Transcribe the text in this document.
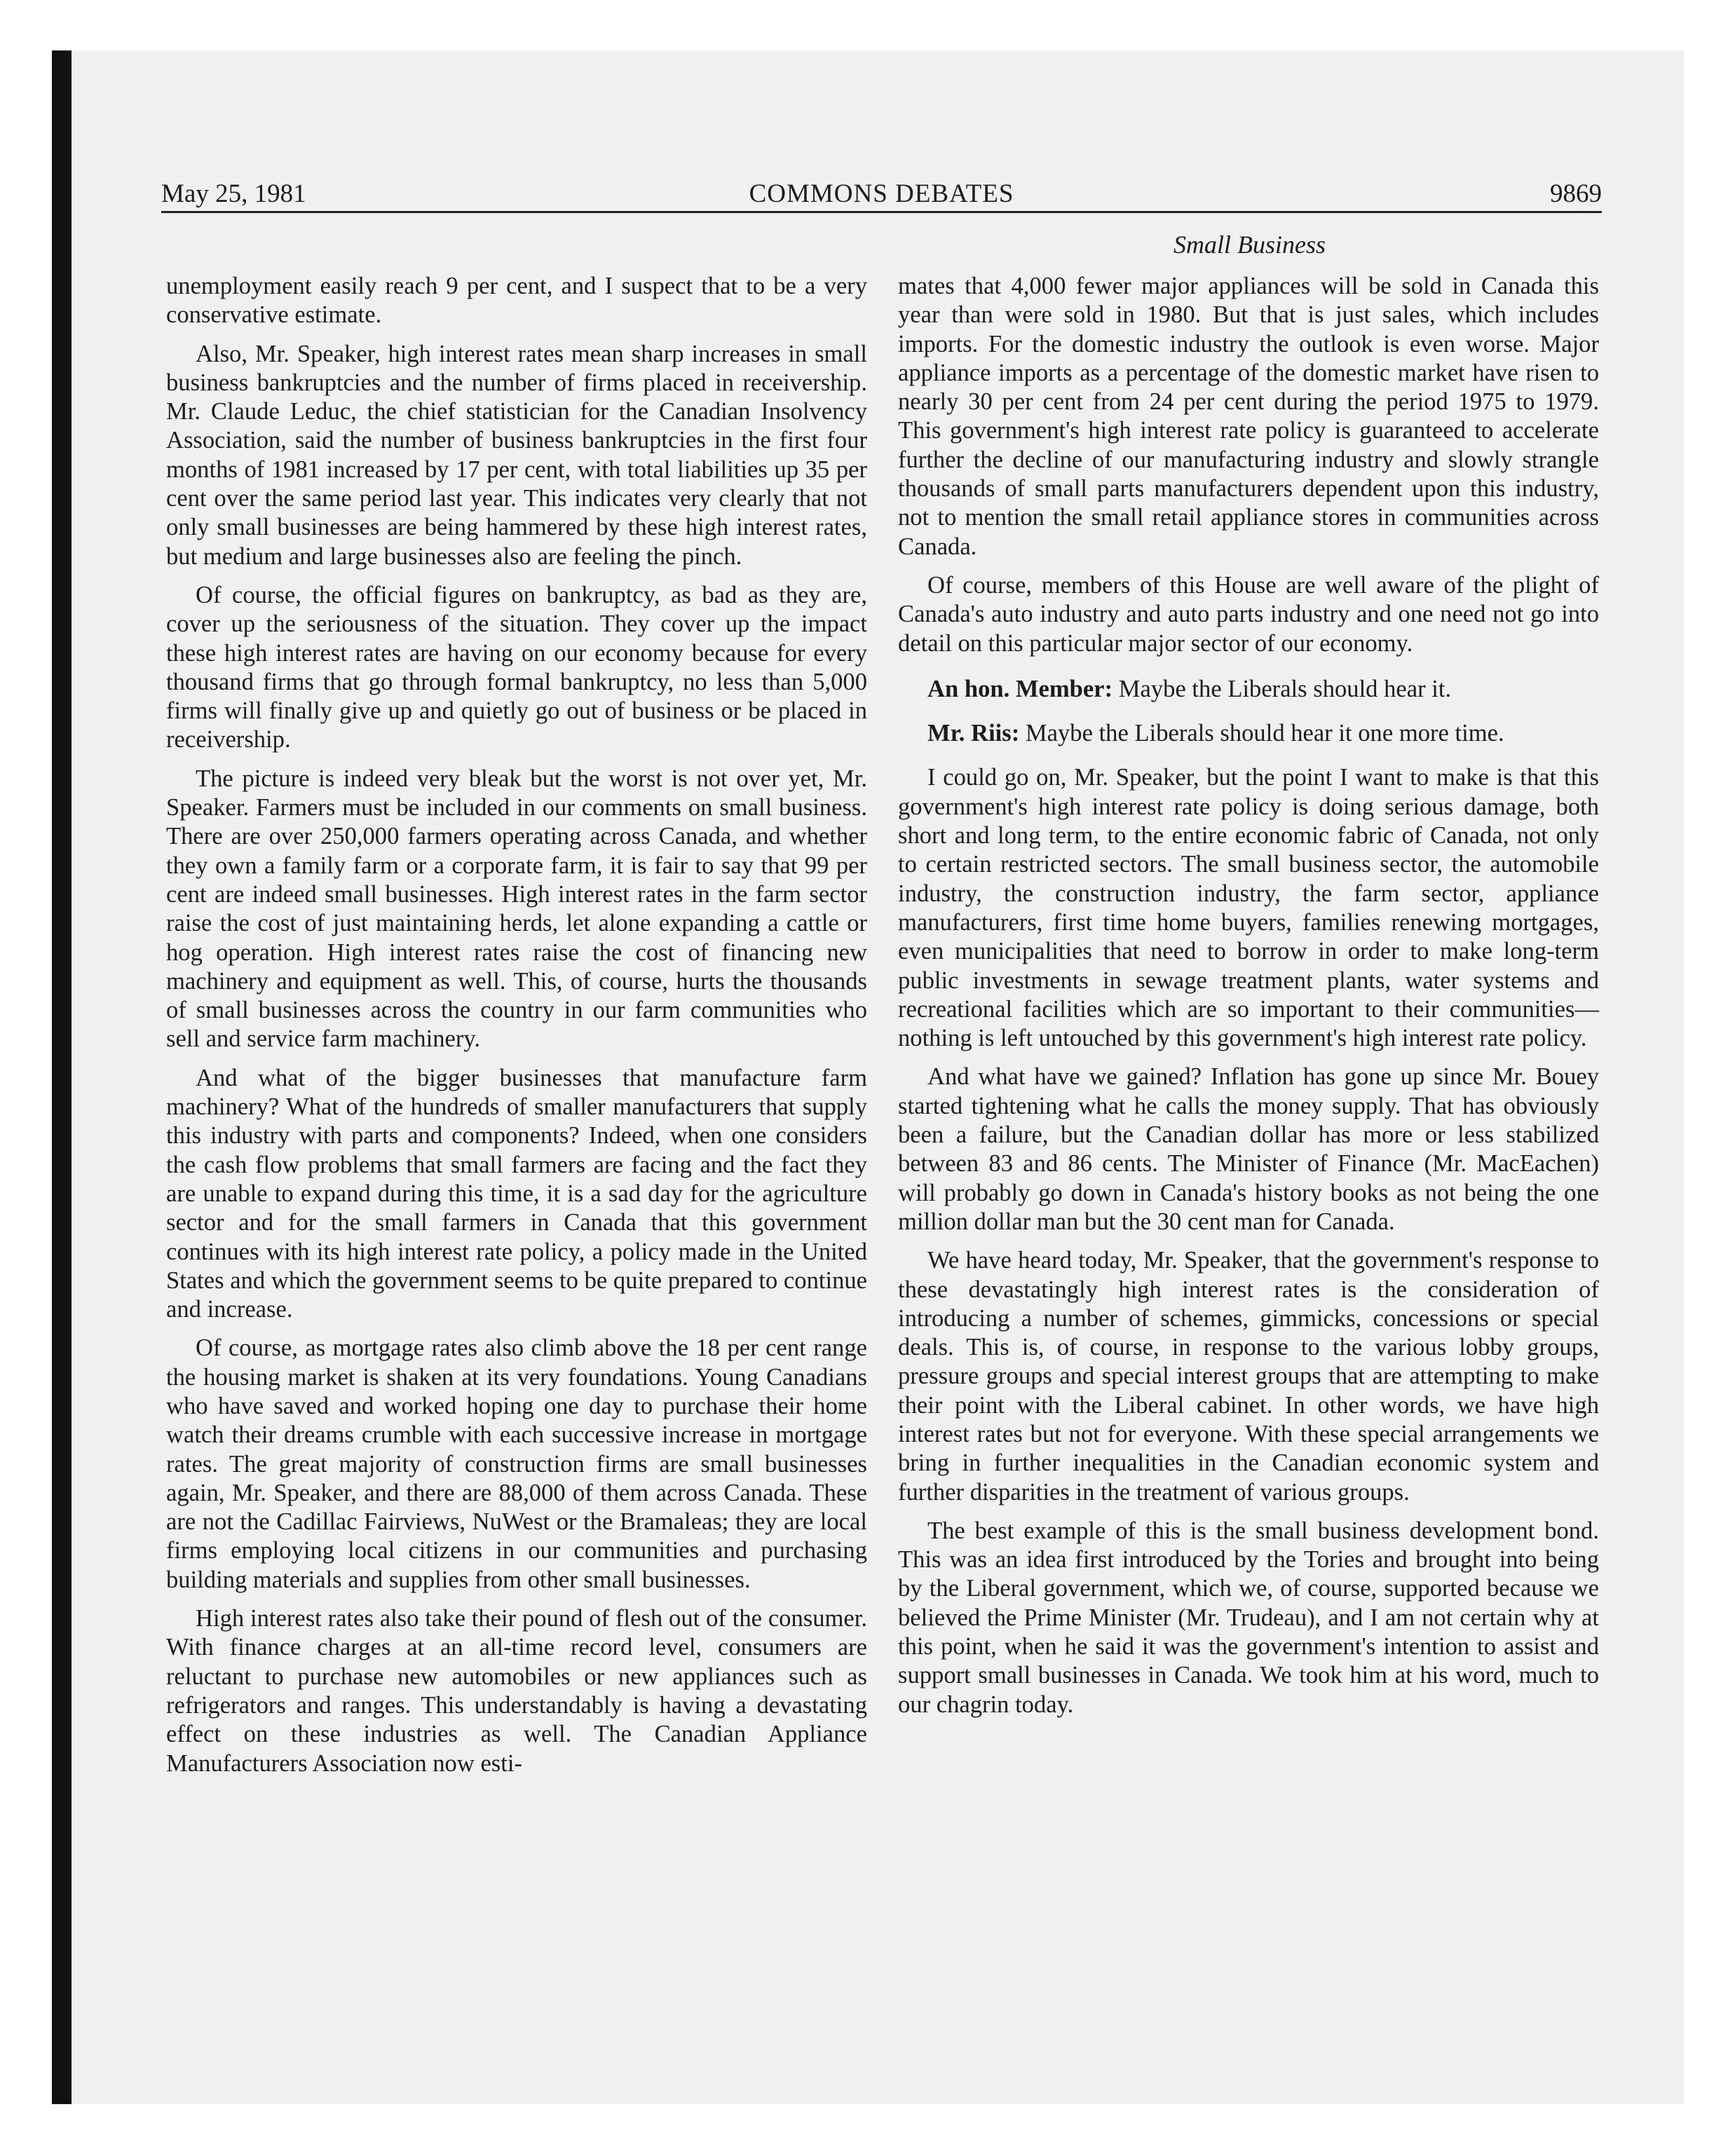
May 25, 1981	COMMONS DEBATES	9869
Small Business

unemployment easily reach 9 per cent, and I suspect that to be a very conservative estimate.

Also, Mr. Speaker, high interest rates mean sharp increases in small business bankruptcies and the number of firms placed in receivership. Mr. Claude Leduc, the chief statistician for the Canadian Insolvency Association, said the number of business bankruptcies in the first four months of 1981 increased by 17 per cent, with total liabilities up 35 per cent over the same period last year. This indicates very clearly that not only small businesses are being hammered by these high interest rates, but medium and large businesses also are feeling the pinch.

Of course, the official figures on bankruptcy, as bad as they are, cover up the seriousness of the situation. They cover up the impact these high interest rates are having on our economy because for every thousand firms that go through formal bankruptcy, no less than 5,000 firms will finally give up and quietly go out of business or be placed in receivership.

The picture is indeed very bleak but the worst is not over yet, Mr. Speaker. Farmers must be included in our comments on small business. There are over 250,000 farmers operating across Canada, and whether they own a family farm or a corporate farm, it is fair to say that 99 per cent are indeed small businesses. High interest rates in the farm sector raise the cost of just maintaining herds, let alone expanding a cattle or hog operation. High interest rates raise the cost of financing new machinery and equipment as well. This, of course, hurts the thousands of small businesses across the country in our farm communities who sell and service farm machinery.

And what of the bigger businesses that manufacture farm machinery? What of the hundreds of smaller manufacturers that supply this industry with parts and components? Indeed, when one considers the cash flow problems that small farmers are facing and the fact they are unable to expand during this time, it is a sad day for the agriculture sector and for the small farmers in Canada that this government continues with its high interest rate policy, a policy made in the United States and which the government seems to be quite prepared to continue and increase.

Of course, as mortgage rates also climb above the 18 per cent range the housing market is shaken at its very foundations. Young Canadians who have saved and worked hoping one day to purchase their home watch their dreams crumble with each successive increase in mortgage rates. The great majority of construction firms are small businesses again, Mr. Speaker, and there are 88,000 of them across Canada. These are not the Cadillac Fairviews, NuWest or the Bramaleas; they are local firms employing local citizens in our communities and purchasing building materials and supplies from other small businesses.

High interest rates also take their pound of flesh out of the consumer. With finance charges at an all-time record level, consumers are reluctant to purchase new automobiles or new appliances such as refrigerators and ranges. This understandably is having a devastating effect on these industries as well. The Canadian Appliance Manufacturers Association now esti-

mates that 4,000 fewer major appliances will be sold in Canada this year than were sold in 1980. But that is just sales, which includes imports. For the domestic industry the outlook is even worse. Major appliance imports as a percentage of the domestic market have risen to nearly 30 per cent from 24 per cent during the period 1975 to 1979. This government's high interest rate policy is guaranteed to accelerate further the decline of our manufacturing industry and slowly strangle thousands of small parts manufacturers dependent upon this industry, not to mention the small retail appliance stores in communities across Canada.

Of course, members of this House are well aware of the plight of Canada's auto industry and auto parts industry and one need not go into detail on this particular major sector of our economy.

An hon. Member: Maybe the Liberals should hear it.

Mr. Riis: Maybe the Liberals should hear it one more time.

I could go on, Mr. Speaker, but the point I want to make is that this government's high interest rate policy is doing serious damage, both short and long term, to the entire economic fabric of Canada, not only to certain restricted sectors. The small business sector, the automobile industry, the construction industry, the farm sector, appliance manufacturers, first time home buyers, families renewing mortgages, even municipalities that need to borrow in order to make long-term public investments in sewage treatment plants, water systems and recreational facilities which are so important to their communities—nothing is left untouched by this government's high interest rate policy.

And what have we gained? Inflation has gone up since Mr. Bouey started tightening what he calls the money supply. That has obviously been a failure, but the Canadian dollar has more or less stabilized between 83 and 86 cents. The Minister of Finance (Mr. MacEachen) will probably go down in Canada's history books as not being the one million dollar man but the 30 cent man for Canada.

We have heard today, Mr. Speaker, that the government's response to these devastatingly high interest rates is the consideration of introducing a number of schemes, gimmicks, concessions or special deals. This is, of course, in response to the various lobby groups, pressure groups and special interest groups that are attempting to make their point with the Liberal cabinet. In other words, we have high interest rates but not for everyone. With these special arrangements we bring in further inequalities in the Canadian economic system and further disparities in the treatment of various groups.

The best example of this is the small business development bond. This was an idea first introduced by the Tories and brought into being by the Liberal government, which we, of course, supported because we believed the Prime Minister (Mr. Trudeau), and I am not certain why at this point, when he said it was the government's intention to assist and support small businesses in Canada. We took him at his word, much to our chagrin today.
